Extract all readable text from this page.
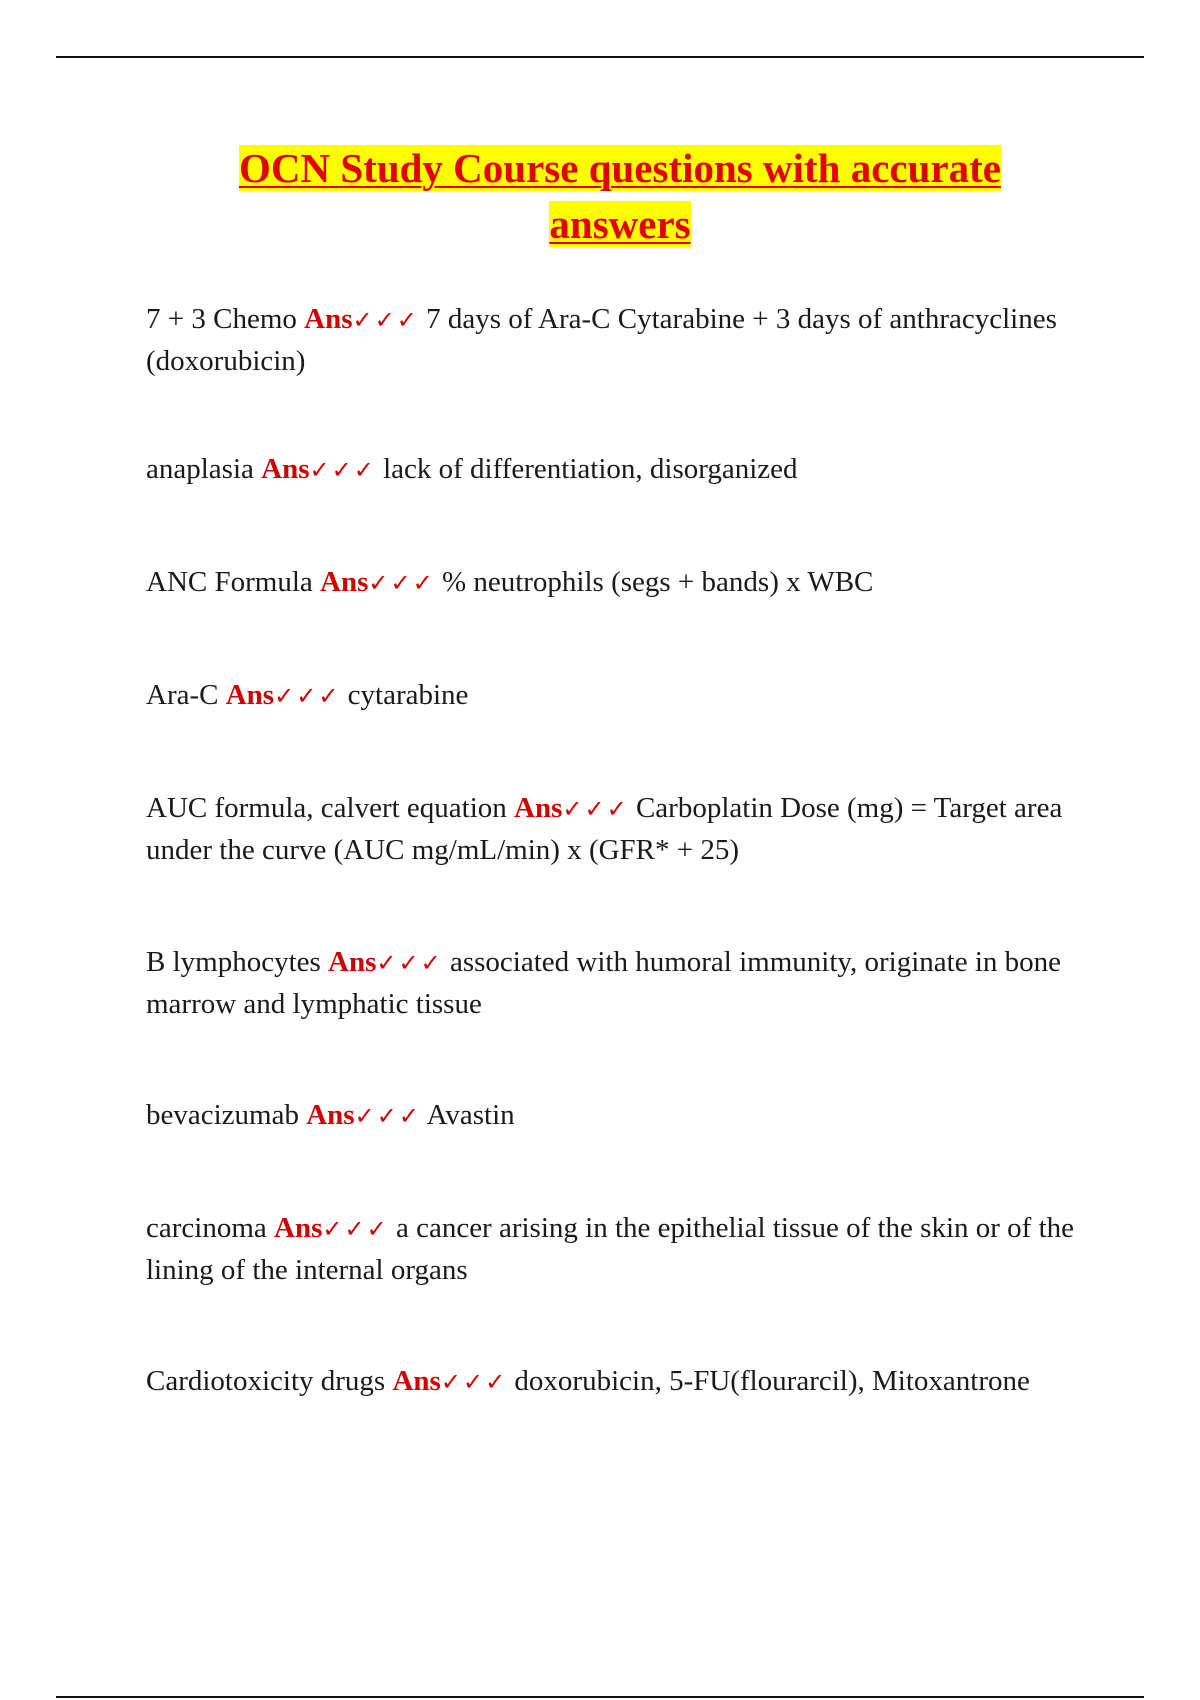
OCN Study Course questions with accurate
answers

7 + 3 Chemo Ans✓✓✓ 7 days of Ara-C Cytarabine + 3 days of anthracyclines (doxorubicin)

anaplasia Ans✓✓✓ lack of differentiation, disorganized

ANC Formula Ans✓✓✓ % neutrophils (segs + bands) x WBC

Ara-C Ans✓✓✓ cytarabine

AUC formula, calvert equation Ans✓✓✓ Carboplatin Dose (mg) = Target area under the curve (AUC mg/mL/min) x (GFR* + 25)

B lymphocytes Ans✓✓✓ associated with humoral immunity, originate in bone marrow and lymphatic tissue

bevacizumab Ans✓✓✓ Avastin

carcinoma Ans✓✓✓ a cancer arising in the epithelial tissue of the skin or of the lining of the internal organs

Cardiotoxicity drugs Ans✓✓✓ doxorubicin, 5-FU(flourarcil), Mitoxantrone
